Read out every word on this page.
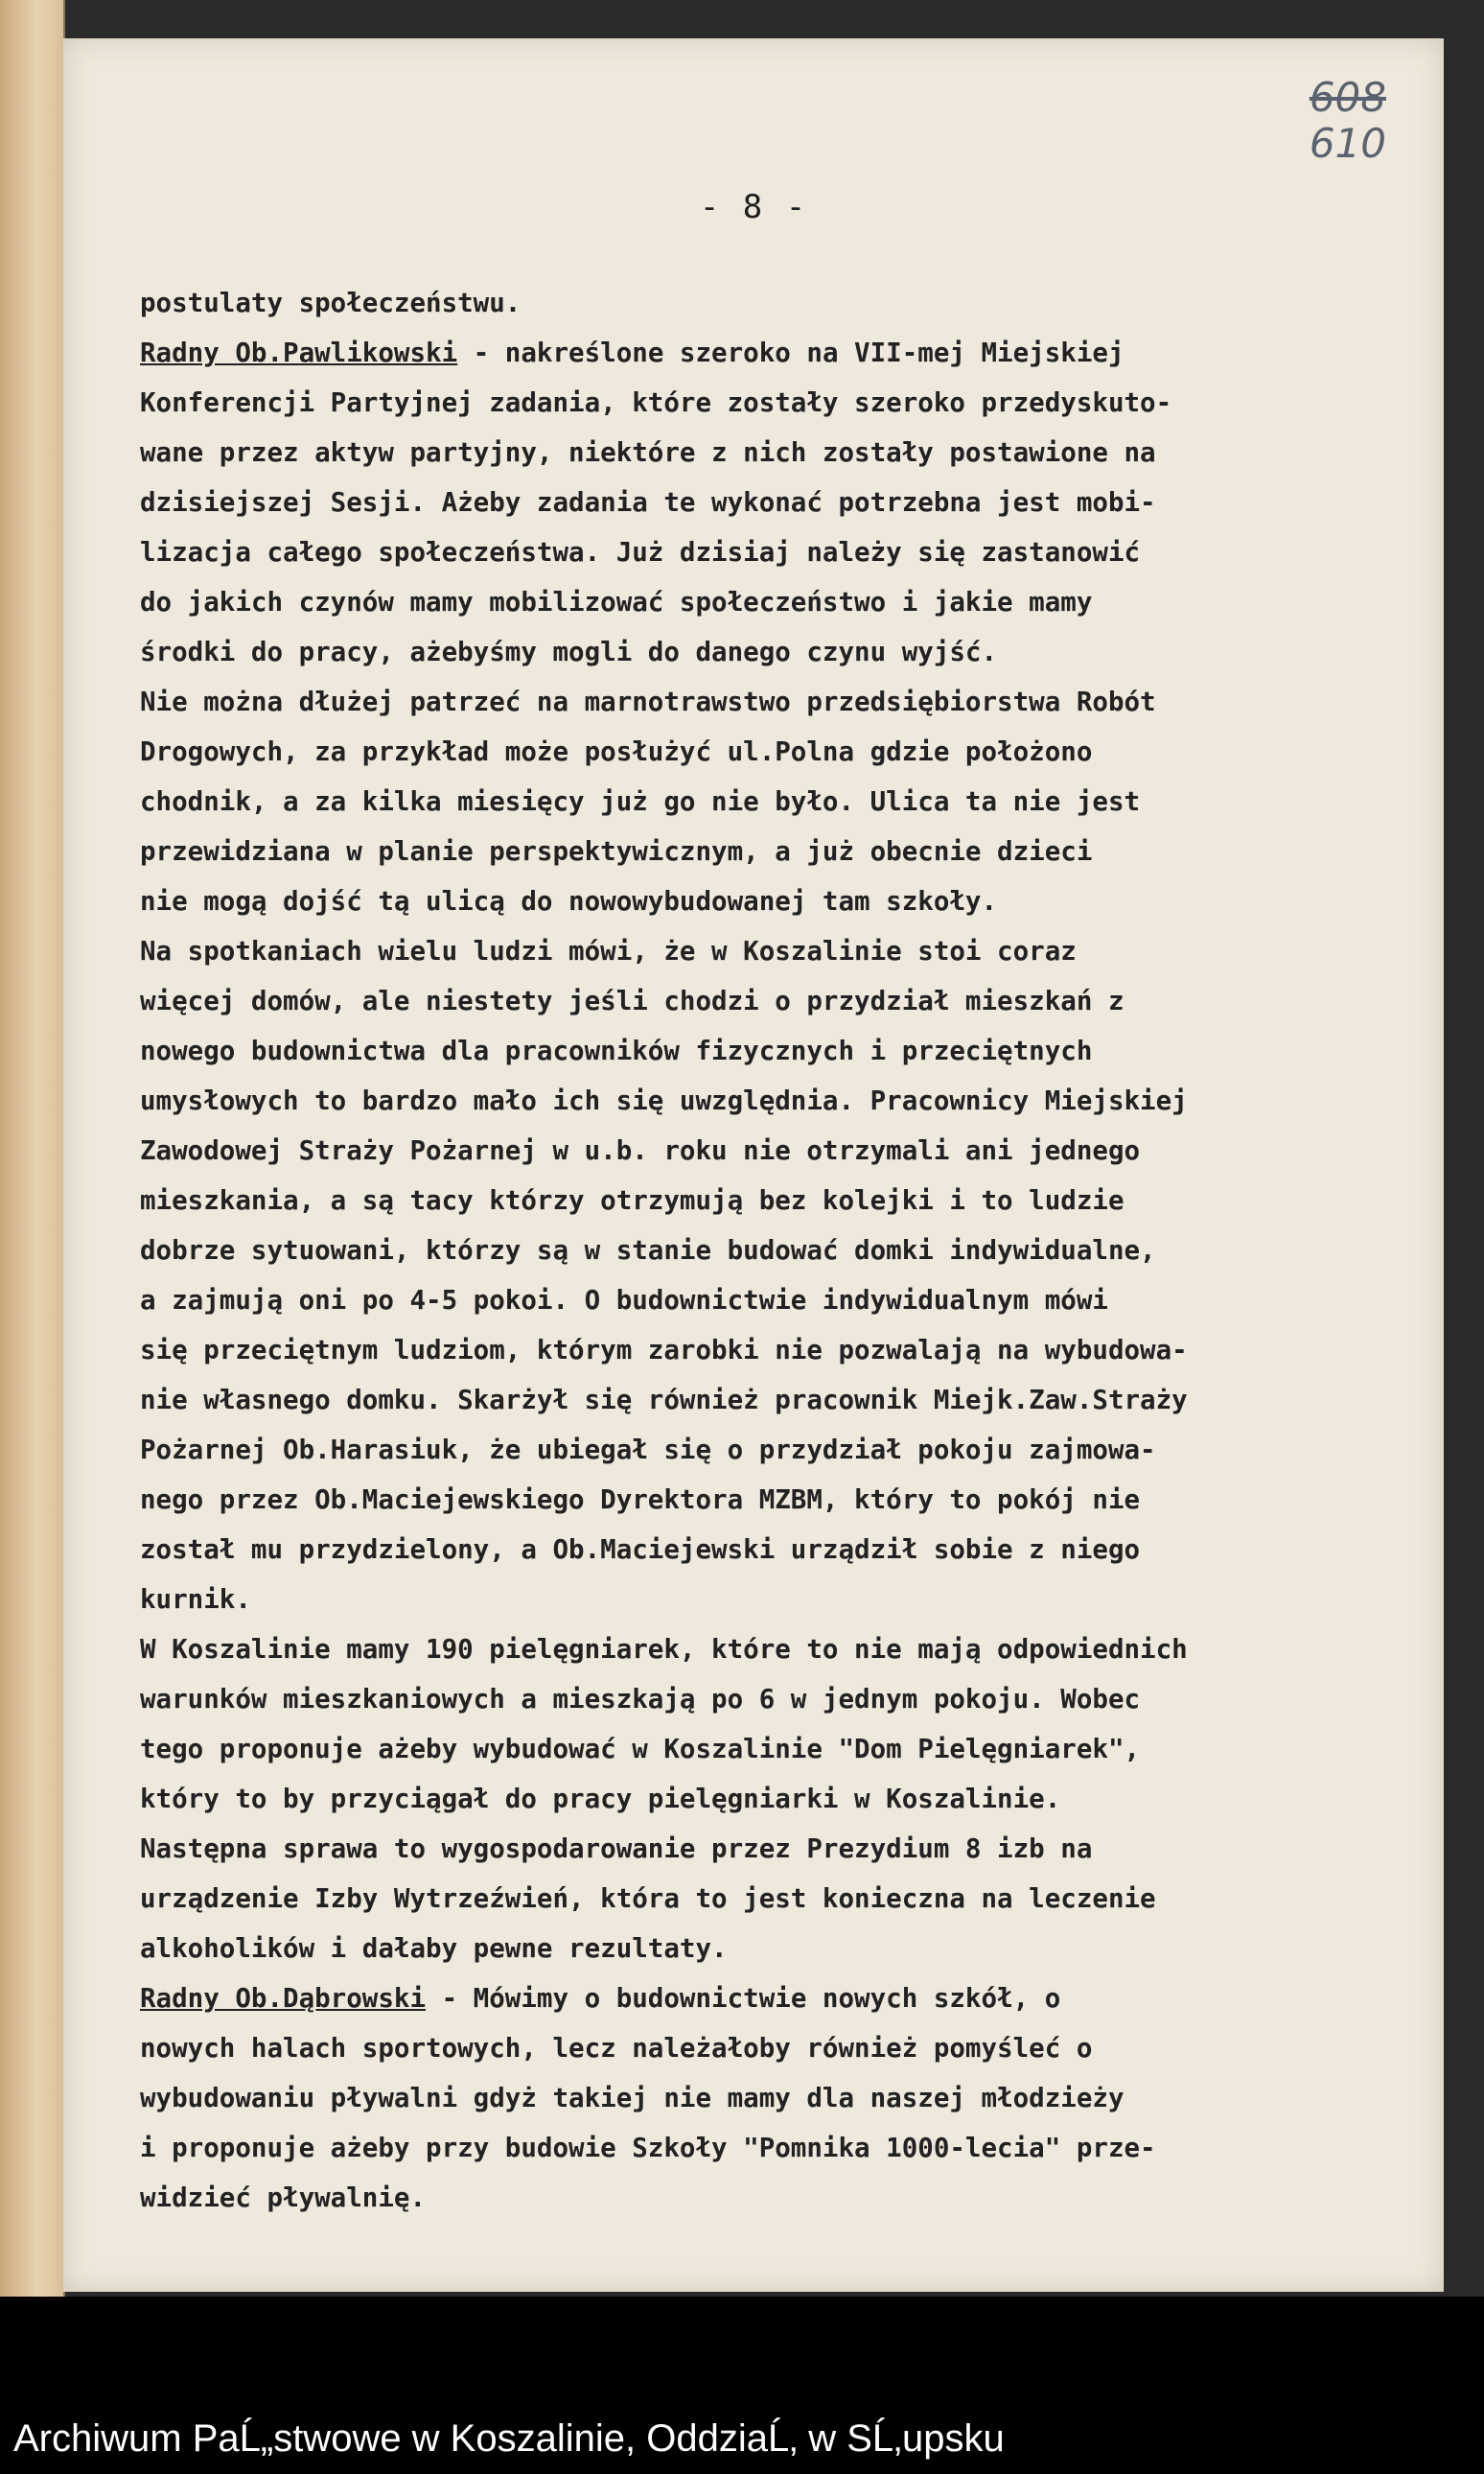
608
610
- 8 -
postulaty społeczeństwu.
Radny Ob.Pawlikowski - nakreślone szeroko na VII-mej Miejskiej
Konferencji Partyjnej zadania, które zostały szeroko przedyskuto-
wane przez aktyw partyjny, niektóre z nich zostały postawione na
dzisiejszej Sesji. Ażeby zadania te wykonać potrzebna jest mobi-
lizacja całego społeczeństwa. Już dzisiaj należy się zastanowić
do jakich czynów mamy mobilizować społeczeństwo i jakie mamy
środki do pracy, ażebyśmy mogli do danego czynu wyjść.
Nie można dłużej patrzeć na marnotrawstwo przedsiębiorstwa Robót
Drogowych, za przykład może posłużyć ul.Polna gdzie położono
chodnik, a za kilka miesięcy już go nie było. Ulica ta nie jest
przewidziana w planie perspektywicznym, a już obecnie dzieci
nie mogą dojść tą ulicą do nowowybudowanej tam szkoły.
Na spotkaniach wielu ludzi mówi, że w Koszalinie stoi coraz
więcej domów, ale niestety jeśli chodzi o przydział mieszkań z
nowego budownictwa dla pracowników fizycznych i przeciętnych
umysłowych to bardzo mało ich się uwzględnia. Pracownicy Miejskiej
Zawodowej Straży Pożarnej w u.b. roku nie otrzymali ani jednego
mieszkania, a są tacy którzy otrzymują bez kolejki i to ludzie
dobrze sytuowani, którzy są w stanie budować domki indywidualne,
a zajmują oni po 4-5 pokoi. O budownictwie indywidualnym mówi
się przeciętnym ludziom, którym zarobki nie pozwalają na wybudowa-
nie własnego domku. Skarżył się również pracownik Miejk.Zaw.Straży
Pożarnej Ob.Harasiuk, że ubiegał się o przydział pokoju zajmowa-
nego przez Ob.Maciejewskiego Dyrektora MZBM, który to pokój nie
został mu przydzielony, a Ob.Maciejewski urządził sobie z niego
kurnik.
W Koszalinie mamy 190 pielęgniarek, które to nie mają odpowiednich
warunków mieszkaniowych a mieszkają po 6 w jednym pokoju. Wobec
tego proponuje ażeby wybudować w Koszalinie "Dom Pielęgniarek",
który to by przyciągał do pracy pielęgniarki w Koszalinie.
Następna sprawa to wygospodarowanie przez Prezydium 8 izb na
urządzenie Izby Wytrzeźwień, która to jest konieczna na leczenie
alkoholików i dałaby pewne rezultaty.
Radny Ob.Dąbrowski - Mówimy o budownictwie nowych szkół, o
nowych halach sportowych, lecz należałoby również pomyśleć o
wybudowaniu pływalni gdyż takiej nie mamy dla naszej młodzieży
i proponuje ażeby przy budowie Szkoły "Pomnika 1000-lecia" prze-
widzieć pływalnię.
Archiwum PaĹ„stwowe w Koszalinie, OddziaĹ‚ w SĹ‚upsku
